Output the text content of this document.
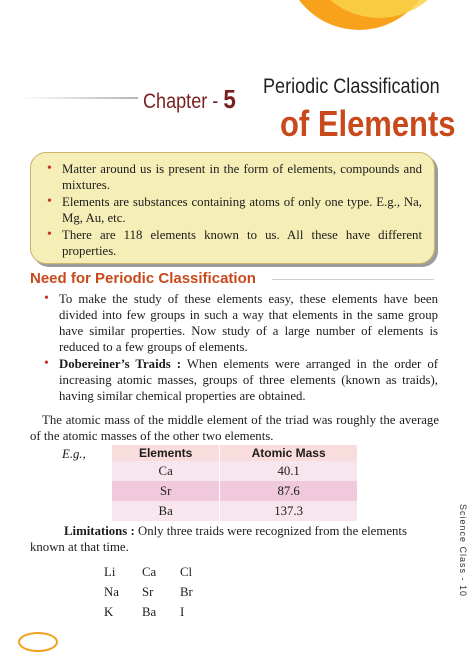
Chapter - 5 Periodic Classification
of Elements
• Matter around us is present in the form of elements, compounds and mixtures.
• Elements are substances containing atoms of only one type. E.g., Na, Mg, Au, etc.
• There are 118 elements known to us. All these have different properties.
Need for Periodic Classification
• To make the study of these elements easy, these elements have been divided into few groups in such a way that elements in the same group have similar properties. Now study of a large number of elements is reduced to a few groups of elements.
• Dobereiner’s Traids : When elements were arranged in the order of increasing atomic masses, groups of three elements (known as traids), having similar chemical properties are obtained.

The atomic mass of the middle element of the triad was roughly the average of the atomic masses of the other two elements.

E.g.,	Elements	Atomic Mass
Ca	40.1
Sr	87.6
Ba	137.3

Limitations : Only three traids were recognized from the elements known at that time.

Li	Ca	Cl
Na	Sr	Br
K	Ba	I
Science Class - 10
